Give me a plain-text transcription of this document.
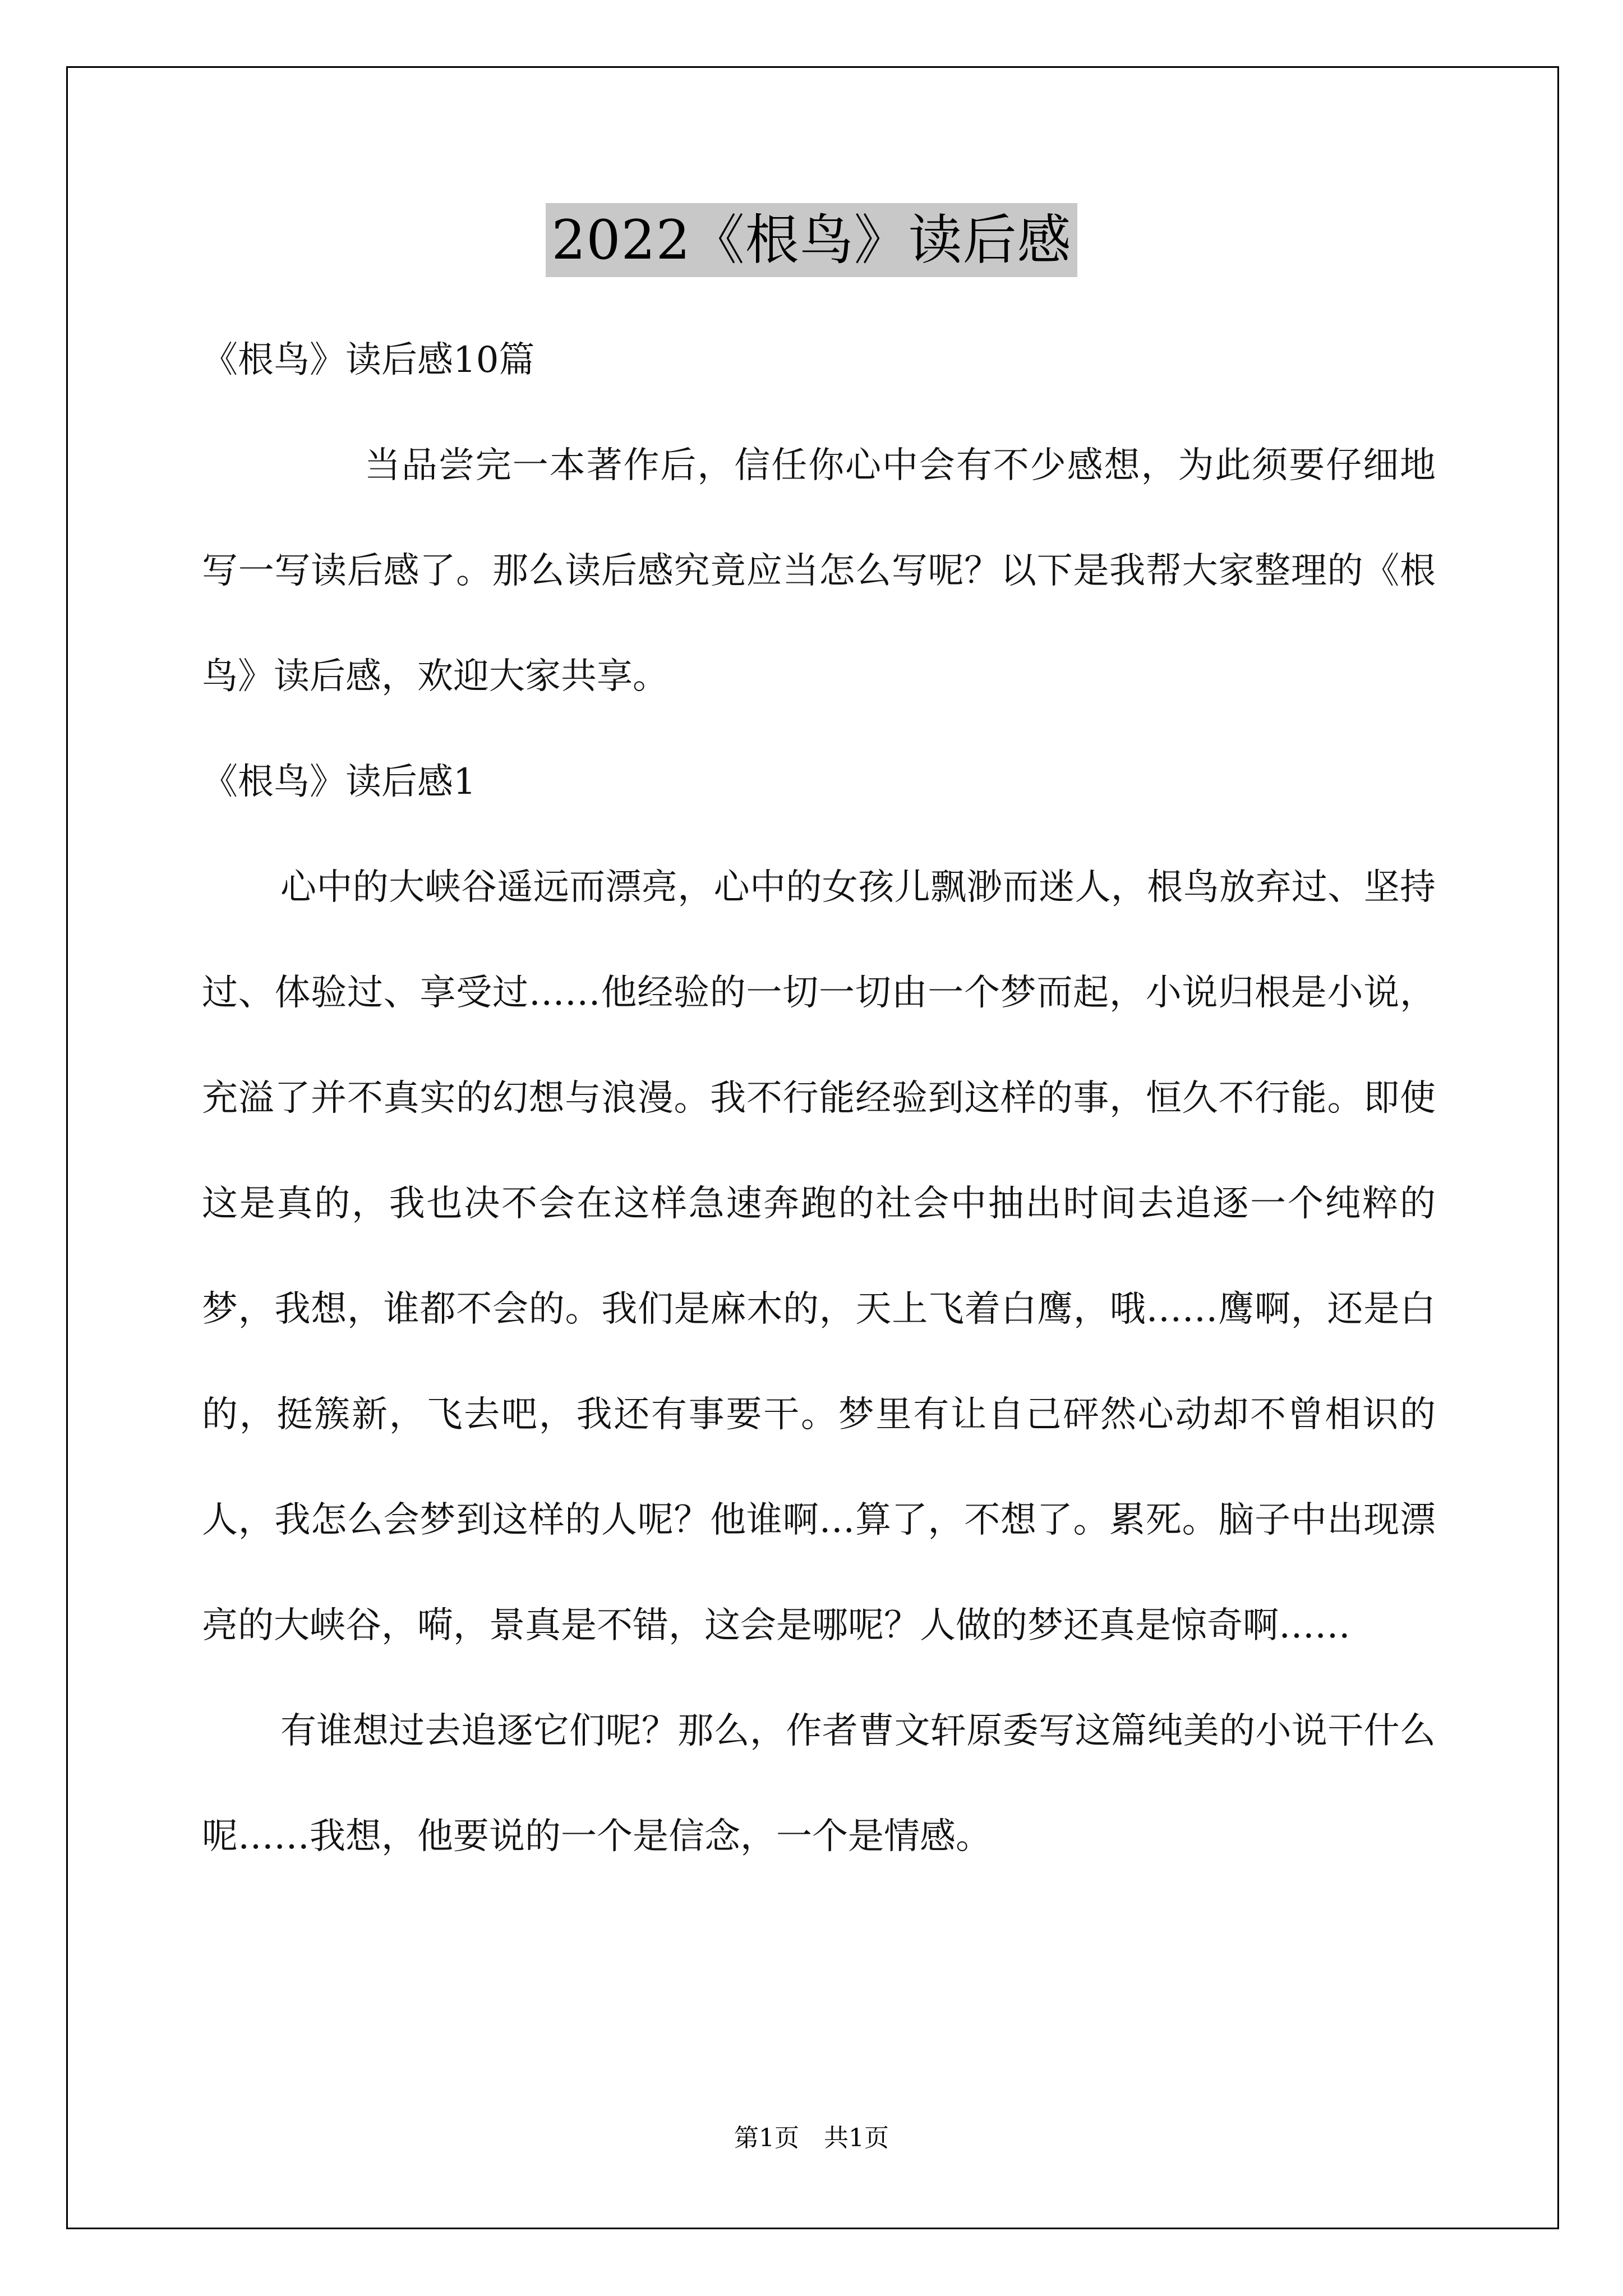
2022《根鸟》读后感

《根鸟》读后感10篇

当品尝完一本著作后，信任你心中会有不少感想，为此须要仔细地写一写读后感了。那么读后感究竟应当怎么写呢？以下是我帮大家整理的《根鸟》读后感，欢迎大家共享。

《根鸟》读后感1

心中的大峡谷遥远而漂亮，心中的女孩儿飘渺而迷人，根鸟放弃过、坚持过、体验过、享受过……他经验的一切一切由一个梦而起，小说归根是小说，充溢了并不真实的幻想与浪漫。我不行能经验到这样的事，恒久不行能。即使这是真的，我也决不会在这样急速奔跑的社会中抽出时间去追逐一个纯粹的梦，我想，谁都不会的。我们是麻木的，天上飞着白鹰，哦……鹰啊，还是白的，挺簇新，飞去吧，我还有事要干。梦里有让自己砰然心动却不曾相识的人，我怎么会梦到这样的人呢？他谁啊…算了，不想了。累死。脑子中出现漂亮的大峡谷，嗬，景真是不错，这会是哪呢？人做的梦还真是惊奇啊……

有谁想过去追逐它们呢？那么，作者曹文轩原委写这篇纯美的小说干什么呢……我想，他要说的一个是信念，一个是情感。

第1页　共1页
